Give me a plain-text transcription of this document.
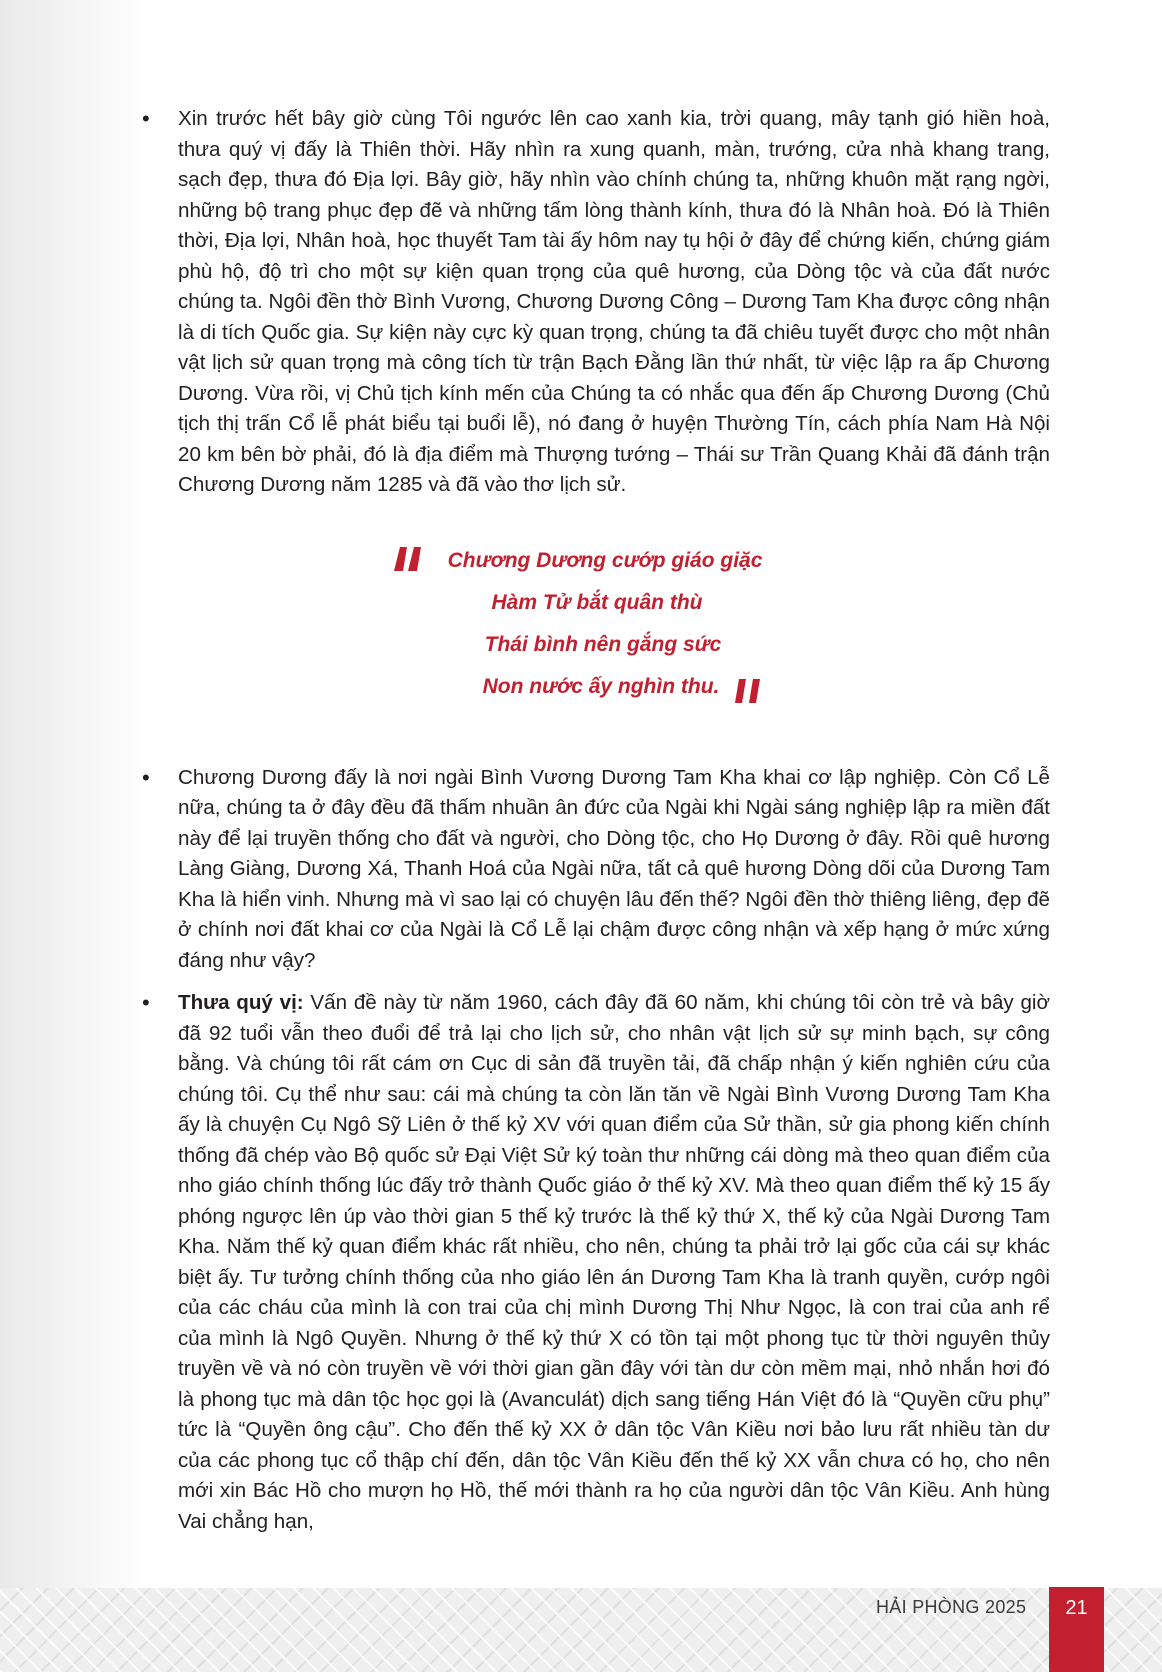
• Xin trước hết bây giờ cùng Tôi ngước lên cao xanh kia, trời quang, mây tạnh gió hiền hoà, thưa quý vị đấy là Thiên thời. Hãy nhìn ra xung quanh, màn, trướng, cửa nhà khang trang, sạch đẹp, thưa đó Địa lợi. Bây giờ, hãy nhìn vào chính chúng ta, những khuôn mặt rạng ngời, những bộ trang phục đẹp đẽ và những tấm lòng thành kính, thưa đó là Nhân hoà. Đó là Thiên thời, Địa lợi, Nhân hoà, học thuyết Tam tài ấy hôm nay tụ hội ở đây để chứng kiến, chứng giám phù hộ, độ trì cho một sự kiện quan trọng của quê hương, của Dòng tộc và của đất nước chúng ta. Ngôi đền thờ Bình Vương, Chương Dương Công – Dương Tam Kha được công nhận là di tích Quốc gia. Sự kiện này cực kỳ quan trọng, chúng ta đã chiêu tuyết được cho một nhân vật lịch sử quan trọng mà công tích từ trận Bạch Đằng lần thứ nhất, từ việc lập ra ấp Chương Dương. Vừa rồi, vị Chủ tịch kính mến của Chúng ta có nhắc qua đến ấp Chương Dương (Chủ tịch thị trấn Cổ lễ phát biểu tại buổi lễ), nó đang ở huyện Thường Tín, cách phía Nam Hà Nội 20 km bên bờ phải, đó là địa điểm mà Thượng tướng – Thái sư Trần Quang Khải đã đánh trận Chương Dương năm 1285 và đã vào thơ lịch sử.

Chương Dương cướp giáo giặc
Hàm Tử bắt quân thù
Thái bình nên gắng sức
Non nước ấy nghìn thu.
• Chương Dương đấy là nơi ngài Bình Vương Dương Tam Kha khai cơ lập nghiệp. Còn Cổ Lễ nữa, chúng ta ở đây đều đã thấm nhuần ân đức của Ngài khi Ngài sáng nghiệp lập ra miền đất này để lại truyền thống cho đất và người, cho Dòng tộc, cho Họ Dương ở đây. Rồi quê hương Làng Giàng, Dương Xá, Thanh Hoá của Ngài nữa, tất cả quê hương Dòng dõi của Dương Tam Kha là hiển vinh. Nhưng mà vì sao lại có chuyện lâu đến thế? Ngôi đền thờ thiêng liêng, đẹp đẽ ở chính nơi đất khai cơ của Ngài là Cổ Lễ lại chậm được công nhận và xếp hạng ở mức xứng đáng như vậy?

• Thưa quý vị: Vấn đề này từ năm 1960, cách đây đã 60 năm, khi chúng tôi còn trẻ và bây giờ đã 92 tuổi vẫn theo đuổi để trả lại cho lịch sử, cho nhân vật lịch sử sự minh bạch, sự công bằng. Và chúng tôi rất cám ơn Cục di sản đã truyền tải, đã chấp nhận ý kiến nghiên cứu của chúng tôi. Cụ thể như sau: cái mà chúng ta còn lăn tăn về Ngài Bình Vương Dương Tam Kha ấy là chuyện Cụ Ngô Sỹ Liên ở thế kỷ XV với quan điểm của Sử thần, sử gia phong kiến chính thống đã chép vào Bộ quốc sử Đại Việt Sử ký toàn thư những cái dòng mà theo quan điểm của nho giáo chính thống lúc đấy trở thành Quốc giáo ở thế kỷ XV. Mà theo quan điểm thế kỷ 15 ấy phóng ngược lên úp vào thời gian 5 thế kỷ trước là thế kỷ thứ X, thế kỷ của Ngài Dương Tam Kha. Năm thế kỷ quan điểm khác rất nhiều, cho nên, chúng ta phải trở lại gốc của cái sự khác biệt ấy. Tư tưởng chính thống của nho giáo lên án Dương Tam Kha là tranh quyền, cướp ngôi của các cháu của mình là con trai của chị mình Dương Thị Như Ngọc, là con trai của anh rể của mình là Ngô Quyền. Nhưng ở thế kỷ thứ X có tồn tại một phong tục từ thời nguyên thủy truyền về và nó còn truyền về với thời gian gần đây với tàn dư còn mềm mại, nhỏ nhắn hơi đó là phong tục mà dân tộc học gọi là (Avanculát) dịch sang tiếng Hán Việt đó là “Quyền cữu phụ” tức là “Quyền ông cậu”. Cho đến thế kỷ XX ở dân tộc Vân Kiều nơi bảo lưu rất nhiều tàn dư của các phong tục cổ thập chí đến, dân tộc Vân Kiều đến thế kỷ XX vẫn chưa có họ, cho nên mới xin Bác Hồ cho mượn họ Hồ, thế mới thành ra họ của người dân tộc Vân Kiều. Anh hùng Vai chẳng hạn,

HẢI PHÒNG 2025	21
